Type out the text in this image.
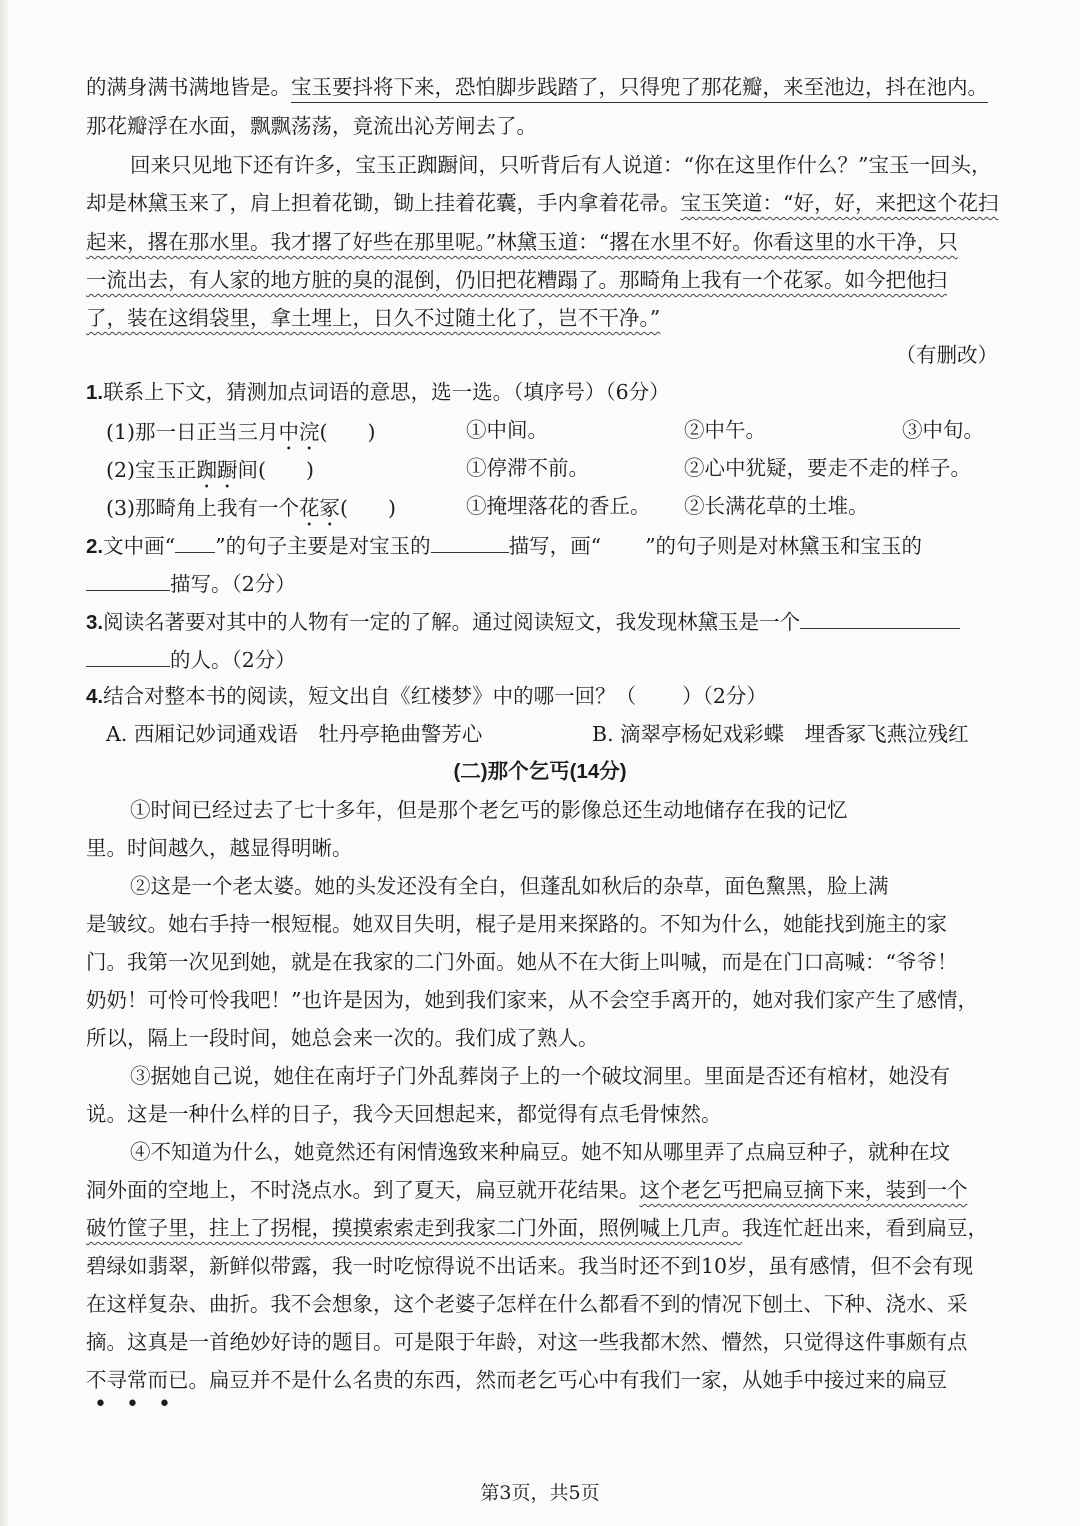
的满身满书满地皆是。宝玉要抖将下来，恐怕脚步践踏了，只得兜了那花瓣，来至池边，抖在池内。
那花瓣浮在水面，飘飘荡荡，竟流出沁芳闸去了。
回来只见地下还有许多，宝玉正踟蹰间，只听背后有人说道：“你在这里作什么？”宝玉一回头，
却是林黛玉来了，肩上担着花锄，锄上挂着花囊，手内拿着花帚。宝玉笑道：“好，好，来把这个花扫
起来，撂在那水里。我才撂了好些在那里呢。”林黛玉道：“撂在水里不好。你看这里的水干净，只
一流出去，有人家的地方脏的臭的混倒，仍旧把花糟蹋了。那畸角上我有一个花冢。如今把他扫
了，装在这绢袋里，拿土埋上，日久不过随土化了，岂不干净。”
（有删改）
1.联系上下文，猜测加点词语的意思，选一选。（填序号）（6分）
(1)那一日正当三月中浣( )	①中间。	②中午。	③中旬。
(2)宝玉正踟蹰间( )	①停滞不前。	②心中犹疑，要走不走的样子。
(3)那畸角上我有一个花冢( )	①掩埋落花的香丘。 ②长满花草的土堆。
2.文中画“ ”的句子主要是对宝玉的	描写，画“ ”的句子则是对林黛玉和宝玉的
描写。（2分）
3.阅读名著要对其中的人物有一定的了解。通过阅读短文，我发现林黛玉是一个
的人。（2分）
4.结合对整本书的阅读，短文出自《红楼梦》中的哪一回？（ ）（2分）
A. 西厢记妙词通戏语　牡丹亭艳曲警芳心	B. 滴翠亭杨妃戏彩蝶　埋香冢飞燕泣残红
(二)那个乞丐(14分)
①时间已经过去了七十多年，但是那个老乞丐的影像总还生动地储存在我的记忆
里。时间越久，越显得明晰。
②这是一个老太婆。她的头发还没有全白，但蓬乱如秋后的杂草，面色黧黑，脸上满
是皱纹。她右手持一根短棍。她双目失明，棍子是用来探路的。不知为什么，她能找到施主的家
门。我第一次见到她，就是在我家的二门外面。她从不在大街上叫喊，而是在门口高喊：“爷爷！
奶奶！可怜可怜我吧！”也许是因为，她到我们家来，从不会空手离开的，她对我们家产生了感情，
所以，隔上一段时间，她总会来一次的。我们成了熟人。
③据她自己说，她住在南圩子门外乱葬岗子上的一个破坟洞里。里面是否还有棺材，她没有
说。这是一种什么样的日子，我今天回想起来，都觉得有点毛骨悚然。
④不知道为什么，她竟然还有闲情逸致来种扁豆。她不知从哪里弄了点扁豆种子，就种在坟
洞外面的空地上，不时浇点水。到了夏天，扁豆就开花结果。这个老乞丐把扁豆摘下来，装到一个
破竹筐子里，拄上了拐棍，摸摸索索走到我家二门外面，照例喊上几声。我连忙赶出来，看到扁豆，
碧绿如翡翠，新鲜似带露，我一时吃惊得说不出话来。我当时还不到10岁，虽有感情，但不会有现
在这样复杂、曲折。我不会想象，这个老婆子怎样在什么都看不到的情况下刨土、下种、浇水、采
摘。这真是一首绝妙好诗的题目。可是限于年龄，对这一些我都木然、懵然，只觉得这件事颇有点
不寻常而已。扁豆并不是什么名贵的东西，然而老乞丐心中有我们一家，从她手中接过来的扁豆
• • •
第3页，共5页
